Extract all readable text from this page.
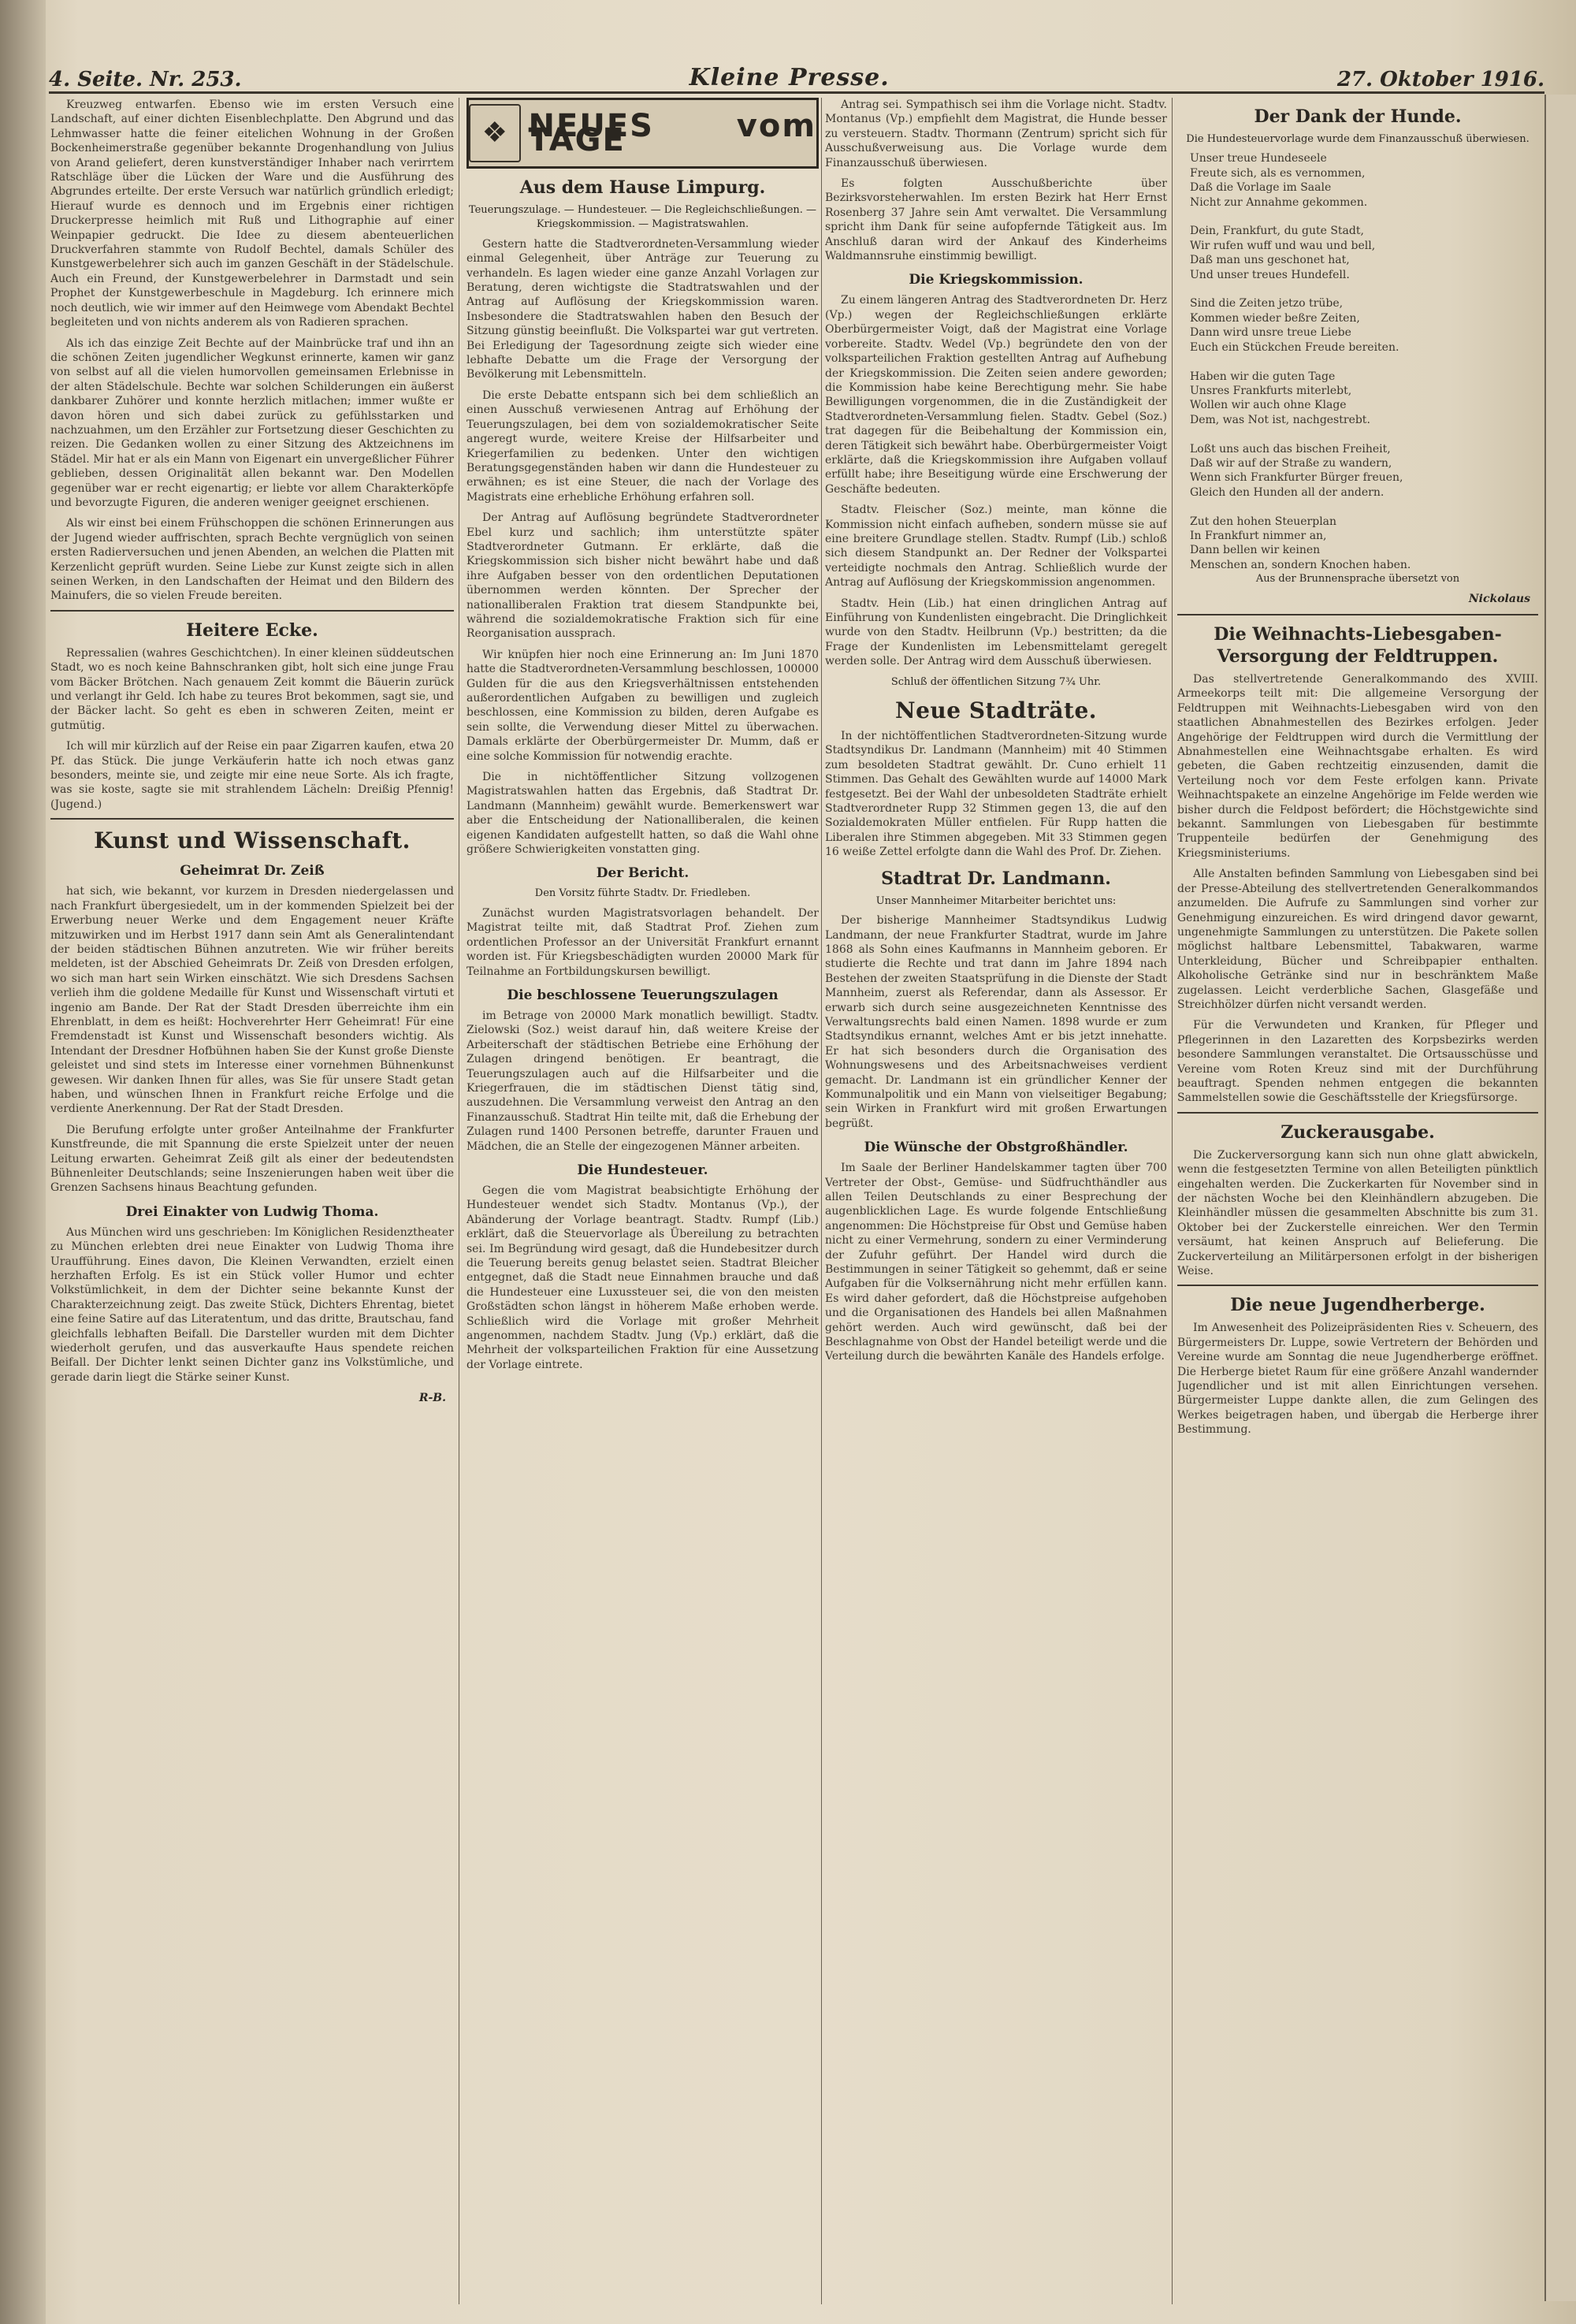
4. Seite. Nr. 253.	Kleine Presse.	27. Oktober 1916.

Kreuzweg entwarfen. Ebenso wie im ersten Versuch eine Landschaft, auf einer dichten Eisenblechplatte. Den Abgrund und das Lehmwasser hatte die feiner eitelichen Wohnung in der Großen Bockenheimerstraße gegenüber bekannte Drogenhandlung von Julius von Arand geliefert, deren kunstverständiger Inhaber nach verirrtem Ratschläge über die Lücken der Ware und die Ausführung des Abgrundes erteilte. Der erste Versuch war natürlich gründlich erledigt; Hierauf wurde es dennoch und im Ergebnis einer richtigen Druckerpresse heimlich mit Ruß und Lithographie auf einer Weinpapier gedruckt. Die Idee zu diesem abenteuerlichen Druckverfahren stammte von Rudolf Bechtel, damals Schüler des Kunstgewerbelehrer sich auch im ganzen Geschäft in der Städelschule. Auch ein Freund, der Kunstgewerbelehrer in Darmstadt und sein Prophet der Kunstgewerbeschule in Magdeburg. Ich erinnere mich noch deutlich, wie wir immer auf den Heimwege vom Abendakt Bechtel begleiteten und von nichts anderem als von Radieren sprachen.

Als ich das einzige Zeit Bechte auf der Mainbrücke traf und ihn an die schönen Zeiten jugendlicher Wegkunst erinnerte, kamen wir ganz von selbst auf all die vielen humorvollen gemeinsamen Erlebnisse in der alten Städelschule. Bechte war solchen Schilderungen ein äußerst dankbarer Zuhörer und konnte herzlich mitlachen; immer wußte er davon hören und sich dabei zurück zu gefühlsstarken und nachzuahmen, um den Erzähler zur Fortsetzung dieser Geschichten zu reizen. Die Gedanken wollen zu einer Sitzung des Aktzeichnens im Städel. Mir hat er als ein Mann von Eigenart ein unvergeßlicher Führer geblieben, dessen Originalität allen bekannt war. Den Modellen gegenüber war er recht eigenartig; er liebte vor allem Charakterköpfe und bevorzugte Figuren, die anderen weniger geeignet erschienen.

Als wir einst bei einem Frühschoppen die schönen Erinnerungen aus der Jugend wieder auffrischten, sprach Bechte vergnüglich von seinen ersten Radierversuchen und jenen Abenden, an welchen die Platten mit Kerzenlicht geprüft wurden. Seine Liebe zur Kunst zeigte sich in allen seinen Werken, in den Landschaften der Heimat und den Bildern des Mainufers, die so vielen Freude bereiten.

Heitere Ecke.

Repressalien (wahres Geschichtchen). In einer kleinen süddeutschen Stadt, wo es noch keine Bahnschranken gibt, holt sich eine junge Frau vom Bäcker Brötchen. Nach genauem Zeit kommt die Bäuerin zurück und verlangt ihr Geld. Ich habe zu teures Brot bekommen, sagt sie, und der Bäcker lacht. So geht es eben in schweren Zeiten, meint er gutmütig.

Ich will mir kürzlich auf der Reise ein paar Zigarren kaufen, etwa 20 Pf. das Stück. Die junge Verkäuferin hatte ich noch etwas ganz besonders, meinte sie, und zeigte mir eine neue Sorte. Als ich fragte, was sie koste, sagte sie mit strahlendem Lächeln: Dreißig Pfennig! (Jugend.)

Kunst und Wissenschaft.
Geheimrat Dr. Zeiß

hat sich, wie bekannt, vor kurzem in Dresden niedergelassen und nach Frankfurt übergesiedelt, um in der kommenden Spielzeit bei der Erwerbung neuer Werke und dem Engagement neuer Kräfte mitzuwirken und im Herbst 1917 dann sein Amt als Generalintendant der beiden städtischen Bühnen anzutreten. Wie wir früher bereits meldeten, ist der Abschied Geheimrats Dr. Zeiß von Dresden erfolgen, wo sich man hart sein Wirken einschätzt. Wie sich Dresdens Sachsen verlieh ihm die goldene Medaille für Kunst und Wissenschaft virtuti et ingenio am Bande. Der Rat der Stadt Dresden überreichte ihm ein Ehrenblatt, in dem es heißt: Hochverehrter Herr Geheimrat! Für eine Fremdenstadt ist Kunst und Wissenschaft besonders wichtig. Als Intendant der Dresdner Hofbühnen haben Sie der Kunst große Dienste geleistet und sind stets im Interesse einer vornehmen Bühnenkunst gewesen. Wir danken Ihnen für alles, was Sie für unsere Stadt getan haben, und wünschen Ihnen in Frankfurt reiche Erfolge und die verdiente Anerkennung. Der Rat der Stadt Dresden.

Die Berufung erfolgte unter großer Anteilnahme der Frankfurter Kunstfreunde, die mit Spannung die erste Spielzeit unter der neuen Leitung erwarten. Geheimrat Zeiß gilt als einer der bedeutendsten Bühnenleiter Deutschlands; seine Inszenierungen haben weit über die Grenzen Sachsens hinaus Beachtung gefunden.

Drei Einakter von Ludwig Thoma.

Aus München wird uns geschrieben: Im Königlichen Residenztheater zu München erlebten drei neue Einakter von Ludwig Thoma ihre Uraufführung. Eines davon, Die Kleinen Verwandten, erzielt einen herzhaften Erfolg. Es ist ein Stück voller Humor und echter Volkstümlichkeit, in dem der Dichter seine bekannte Kunst der Charakterzeichnung zeigt. Das zweite Stück, Dichters Ehrentag, bietet eine feine Satire auf das Literatentum, und das dritte, Brautschau, fand gleichfalls lebhaften Beifall. Die Darsteller wurden mit dem Dichter wiederholt gerufen, und das ausverkaufte Haus spendete reichen Beifall. Der Dichter lenkt seinen Dichter ganz ins Volkstümliche, und gerade darin liegt die Stärke seiner Kunst.

R-B.
❖ NEUES vom TAGE
Aus dem Hause Limpurg.
Teuerungszulage. — Hundesteuer. — Die Regleichschließungen. — Kriegskommission. — Magistratswahlen.

Gestern hatte die Stadtverordneten-Versammlung wieder einmal Gelegenheit, über Anträge zur Teuerung zu verhandeln. Es lagen wieder eine ganze Anzahl Vorlagen zur Beratung, deren wichtigste die Stadtratswahlen und der Antrag auf Auflösung der Kriegskommission waren. Insbesondere die Stadtratswahlen haben den Besuch der Sitzung günstig beeinflußt. Die Volkspartei war gut vertreten. Bei Erledigung der Tagesordnung zeigte sich wieder eine lebhafte Debatte um die Frage der Versorgung der Bevölkerung mit Lebensmitteln.

Die erste Debatte entspann sich bei dem schließlich an einen Ausschuß verwiesenen Antrag auf Erhöhung der Teuerungszulagen, bei dem von sozialdemokratischer Seite angeregt wurde, weitere Kreise der Hilfsarbeiter und Kriegerfamilien zu bedenken. Unter den wichtigen Beratungsgegenständen haben wir dann die Hundesteuer zu erwähnen; es ist eine Steuer, die nach der Vorlage des Magistrats eine erhebliche Erhöhung erfahren soll.

Der Antrag auf Auflösung begründete Stadtverordneter Ebel kurz und sachlich; ihm unterstützte später Stadtverordneter Gutmann. Er erklärte, daß die Kriegskommission sich bisher nicht bewährt habe und daß ihre Aufgaben besser von den ordentlichen Deputationen übernommen werden könnten. Der Sprecher der nationalliberalen Fraktion trat diesem Standpunkte bei, während die sozialdemokratische Fraktion sich für eine Reorganisation aussprach.

Wir knüpfen hier noch eine Erinnerung an: Im Juni 1870 hatte die Stadtverordneten-Versammlung beschlossen, 100000 Gulden für die aus den Kriegsverhältnissen entstehenden außerordentlichen Aufgaben zu bewilligen und zugleich beschlossen, eine Kommission zu bilden, deren Aufgabe es sein sollte, die Verwendung dieser Mittel zu überwachen. Damals erklärte der Oberbürgermeister Dr. Mumm, daß er eine solche Kommission für notwendig erachte.

Die in nichtöffentlicher Sitzung vollzogenen Magistratswahlen hatten das Ergebnis, daß Stadtrat Dr. Landmann (Mannheim) gewählt wurde. Bemerkenswert war aber die Entscheidung der Nationalliberalen, die keinen eigenen Kandidaten aufgestellt hatten, so daß die Wahl ohne größere Schwierigkeiten vonstatten ging.

Der Bericht.
Den Vorsitz führte Stadtv. Dr. Friedleben.

Zunächst wurden Magistratsvorlagen behandelt. Der Magistrat teilte mit, daß Stadtrat Prof. Ziehen zum ordentlichen Professor an der Universität Frankfurt ernannt worden ist. Für Kriegsbeschädigten wurden 20000 Mark für Teilnahme an Fortbildungskursen bewilligt.

Die beschlossene Teuerungszulagen

im Betrage von 20000 Mark monatlich bewilligt. Stadtv. Zielowski (Soz.) weist darauf hin, daß weitere Kreise der Arbeiterschaft der städtischen Betriebe eine Erhöhung der Zulagen dringend benötigen. Er beantragt, die Teuerungszulagen auch auf die Hilfsarbeiter und die Kriegerfrauen, die im städtischen Dienst tätig sind, auszudehnen. Die Versammlung verweist den Antrag an den Finanzausschuß. Stadtrat Hin teilte mit, daß die Erhebung der Zulagen rund 1400 Personen betreffe, darunter Frauen und Mädchen, die an Stelle der eingezogenen Männer arbeiten.

Die Hundesteuer.

Gegen die vom Magistrat beabsichtigte Erhöhung der Hundesteuer wendet sich Stadtv. Montanus (Vp.), der Abänderung der Vorlage beantragt. Stadtv. Rumpf (Lib.) erklärt, daß die Steuervorlage als Übereilung zu betrachten sei. Im Begründung wird gesagt, daß die Hundebesitzer durch die Teuerung bereits genug belastet seien. Stadtrat Bleicher entgegnet, daß die Stadt neue Einnahmen brauche und daß die Hundesteuer eine Luxussteuer sei, die von den meisten Großstädten schon längst in höherem Maße erhoben werde. Schließlich wird die Vorlage mit großer Mehrheit angenommen, nachdem Stadtv. Jung (Vp.) erklärt, daß die Mehrheit der volksparteilichen Fraktion für eine Aussetzung der Vorlage eintrete.

Antrag sei. Sympathisch sei ihm die Vorlage nicht. Stadtv. Montanus (Vp.) empfiehlt dem Magistrat, die Hunde besser zu versteuern. Stadtv. Thormann (Zentrum) spricht sich für Ausschußverweisung aus. Die Vorlage wurde dem Finanzausschuß überwiesen.

Es folgten Ausschußberichte über Bezirksvorsteherwahlen. Im ersten Bezirk hat Herr Ernst Rosenberg 37 Jahre sein Amt verwaltet. Die Versammlung spricht ihm Dank für seine aufopfernde Tätigkeit aus. Im Anschluß daran wird der Ankauf des Kinderheims Waldmannsruhe einstimmig bewilligt.

Die Kriegskommission.

Zu einem längeren Antrag des Stadtverordneten Dr. Herz (Vp.) wegen der Regleichschließungen erklärte Oberbürgermeister Voigt, daß der Magistrat eine Vorlage vorbereite. Stadtv. Wedel (Vp.) begründete den von der volksparteilichen Fraktion gestellten Antrag auf Aufhebung der Kriegskommission. Die Zeiten seien andere geworden; die Kommission habe keine Berechtigung mehr. Sie habe Bewilligungen vorgenommen, die in die Zuständigkeit der Stadtverordneten-Versammlung fielen. Stadtv. Gebel (Soz.) trat dagegen für die Beibehaltung der Kommission ein, deren Tätigkeit sich bewährt habe. Oberbürgermeister Voigt erklärte, daß die Kriegskommission ihre Aufgaben vollauf erfüllt habe; ihre Beseitigung würde eine Erschwerung der Geschäfte bedeuten.

Stadtv. Fleischer (Soz.) meinte, man könne die Kommission nicht einfach aufheben, sondern müsse sie auf eine breitere Grundlage stellen. Stadtv. Rumpf (Lib.) schloß sich diesem Standpunkt an. Der Redner der Volkspartei verteidigte nochmals den Antrag. Schließlich wurde der Antrag auf Auflösung der Kriegskommission angenommen.

Stadtv. Hein (Lib.) hat einen dringlichen Antrag auf Einführung von Kundenlisten eingebracht. Die Dringlichkeit wurde von den Stadtv. Heilbrunn (Vp.) bestritten; da die Frage der Kundenlisten im Lebensmittelamt geregelt werden solle. Der Antrag wird dem Ausschuß überwiesen.

Schluß der öffentlichen Sitzung 7¾ Uhr.
Neue Stadträte.

In der nichtöffentlichen Stadtverordneten-Sitzung wurde Stadtsyndikus Dr. Landmann (Mannheim) mit 40 Stimmen zum besoldeten Stadtrat gewählt. Dr. Cuno erhielt 11 Stimmen. Das Gehalt des Gewählten wurde auf 14000 Mark festgesetzt. Bei der Wahl der unbesoldeten Stadträte erhielt Stadtverordneter Rupp 32 Stimmen gegen 13, die auf den Sozialdemokraten Müller entfielen. Für Rupp hatten die Liberalen ihre Stimmen abgegeben. Mit 33 Stimmen gegen 16 weiße Zettel erfolgte dann die Wahl des Prof. Dr. Ziehen.

Stadtrat Dr. Landmann.
Unser Mannheimer Mitarbeiter berichtet uns:

Der bisherige Mannheimer Stadtsyndikus Ludwig Landmann, der neue Frankfurter Stadtrat, wurde im Jahre 1868 als Sohn eines Kaufmanns in Mannheim geboren. Er studierte die Rechte und trat dann im Jahre 1894 nach Bestehen der zweiten Staatsprüfung in die Dienste der Stadt Mannheim, zuerst als Referendar, dann als Assessor. Er erwarb sich durch seine ausgezeichneten Kenntnisse des Verwaltungsrechts bald einen Namen. 1898 wurde er zum Stadtsyndikus ernannt, welches Amt er bis jetzt innehatte. Er hat sich besonders durch die Organisation des Wohnungswesens und des Arbeitsnachweises verdient gemacht. Dr. Landmann ist ein gründlicher Kenner der Kommunalpolitik und ein Mann von vielseitiger Begabung; sein Wirken in Frankfurt wird mit großen Erwartungen begrüßt.

Die Wünsche der Obstgroßhändler.

Im Saale der Berliner Handelskammer tagten über 700 Vertreter der Obst-, Gemüse- und Südfruchthändler aus allen Teilen Deutschlands zu einer Besprechung der augenblicklichen Lage. Es wurde folgende Entschließung angenommen: Die Höchstpreise für Obst und Gemüse haben nicht zu einer Vermehrung, sondern zu einer Verminderung der Zufuhr geführt. Der Handel wird durch die Bestimmungen in seiner Tätigkeit so gehemmt, daß er seine Aufgaben für die Volksernährung nicht mehr erfüllen kann. Es wird daher gefordert, daß die Höchstpreise aufgehoben und die Organisationen des Handels bei allen Maßnahmen gehört werden. Auch wird gewünscht, daß bei der Beschlagnahme von Obst der Handel beteiligt werde und die Verteilung durch die bewährten Kanäle des Handels erfolge.

Der Dank der Hunde.
Die Hundesteuervorlage wurde dem Finanzausschuß überwiesen.
Unser treue Hundeseele
Freute sich, als es vernommen,
Daß die Vorlage im Saale
Nicht zur Annahme gekommen.

Dein, Frankfurt, du gute Stadt,
Wir rufen wuff und wau und bell,
Daß man uns geschonet hat,
Und unser treues Hundefell.

Sind die Zeiten jetzo trübe,
Kommen wieder beßre Zeiten,
Dann wird unsre treue Liebe
Euch ein Stückchen Freude bereiten.

Haben wir die guten Tage
Unsres Frankfurts miterlebt,
Wollen wir auch ohne Klage
Dem, was Not ist, nachgestrebt.

Loßt uns auch das bischen Freiheit,
Daß wir auf der Straße zu wandern,
Wenn sich Frankfurter Bürger freuen,
Gleich den Hunden all der andern.

Zut den hohen Steuerplan
In Frankfurt nimmer an,
Dann bellen wir keinen
Menschen an, sondern Knochen haben.
Aus der Brunnensprache übersetzt von
Nickolaus
Die Weihnachts-Liebesgaben-Versorgung der Feldtruppen.

Das stellvertretende Generalkommando des XVIII. Armeekorps teilt mit: Die allgemeine Versorgung der Feldtruppen mit Weihnachts-Liebesgaben wird von den staatlichen Abnahmestellen des Bezirkes erfolgen. Jeder Angehörige der Feldtruppen wird durch die Vermittlung der Abnahmestellen eine Weihnachtsgabe erhalten. Es wird gebeten, die Gaben rechtzeitig einzusenden, damit die Verteilung noch vor dem Feste erfolgen kann. Private Weihnachtspakete an einzelne Angehörige im Felde werden wie bisher durch die Feldpost befördert; die Höchstgewichte sind bekannt. Sammlungen von Liebesgaben für bestimmte Truppenteile bedürfen der Genehmigung des Kriegsministeriums.

Alle Anstalten befinden Sammlung von Liebesgaben sind bei der Presse-Abteilung des stellvertretenden Generalkommandos anzumelden. Die Aufrufe zu Sammlungen sind vorher zur Genehmigung einzureichen. Es wird dringend davor gewarnt, ungenehmigte Sammlungen zu unterstützen. Die Pakete sollen möglichst haltbare Lebensmittel, Tabakwaren, warme Unterkleidung, Bücher und Schreibpapier enthalten. Alkoholische Getränke sind nur in beschränktem Maße zugelassen. Leicht verderbliche Sachen, Glasgefäße und Streichhölzer dürfen nicht versandt werden.

Für die Verwundeten und Kranken, für Pfleger und Pflegerinnen in den Lazaretten des Korpsbezirks werden besondere Sammlungen veranstaltet. Die Ortsausschüsse und Vereine vom Roten Kreuz sind mit der Durchführung beauftragt. Spenden nehmen entgegen die bekannten Sammelstellen sowie die Geschäftsstelle der Kriegsfürsorge.

Zuckerausgabe.

Die Zuckerversorgung kann sich nun ohne glatt abwickeln, wenn die festgesetzten Termine von allen Beteiligten pünktlich eingehalten werden. Die Zuckerkarten für November sind in der nächsten Woche bei den Kleinhändlern abzugeben. Die Kleinhändler müssen die gesammelten Abschnitte bis zum 31. Oktober bei der Zuckerstelle einreichen. Wer den Termin versäumt, hat keinen Anspruch auf Belieferung. Die Zuckerverteilung an Militärpersonen erfolgt in der bisherigen Weise.

Die neue Jugendherberge.

Im Anwesenheit des Polizeipräsidenten Ries v. Scheuern, des Bürgermeisters Dr. Luppe, sowie Vertretern der Behörden und Vereine wurde am Sonntag die neue Jugendherberge eröffnet. Die Herberge bietet Raum für eine größere Anzahl wandernder Jugendlicher und ist mit allen Einrichtungen versehen. Bürgermeister Luppe dankte allen, die zum Gelingen des Werkes beigetragen haben, und übergab die Herberge ihrer Bestimmung.
